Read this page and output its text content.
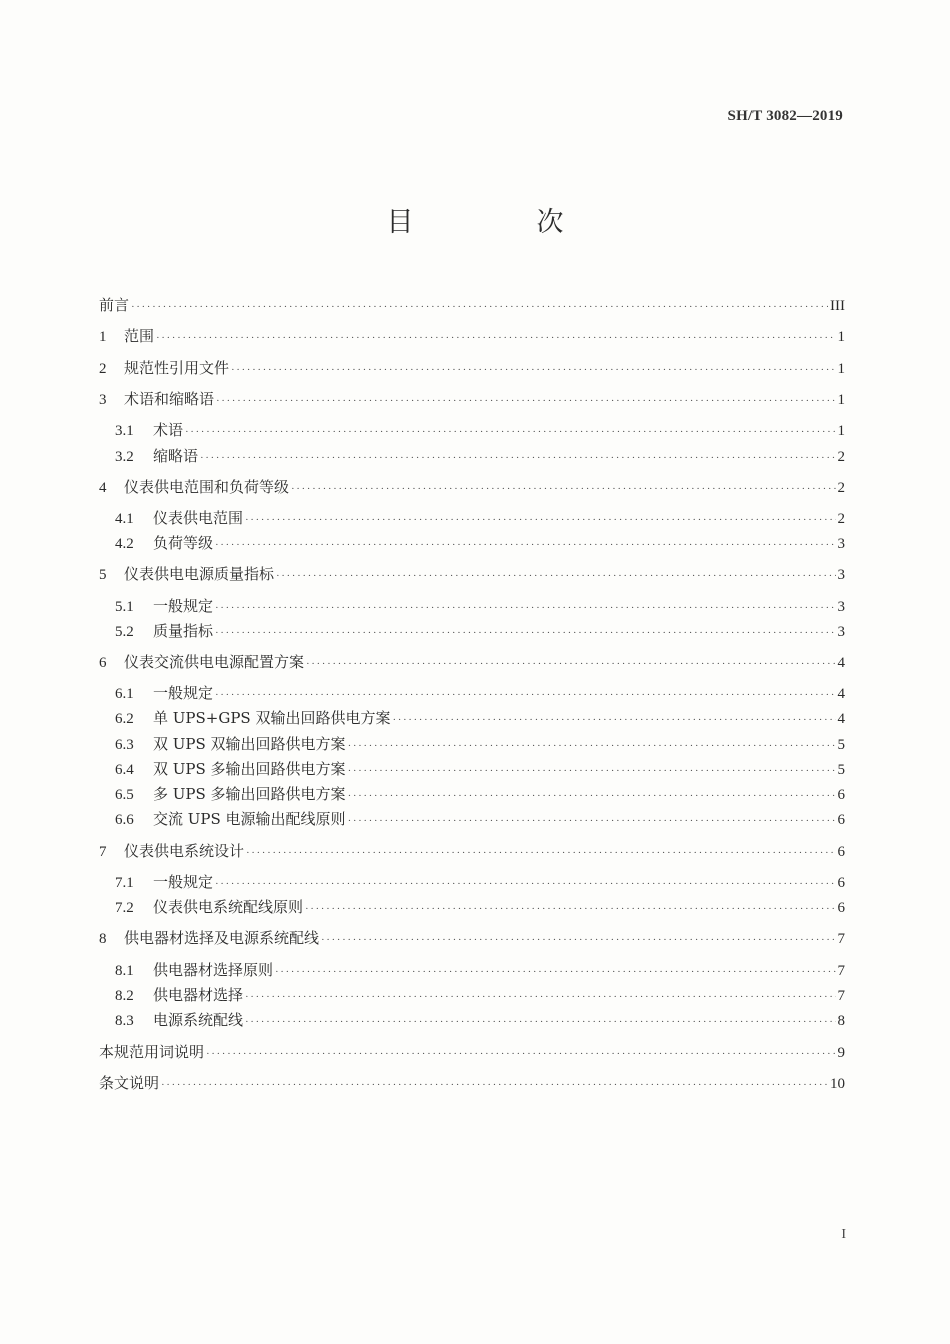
SH/T 3082—2019
目　次
前言 ·····	III
1	范围 ·····	1
2	规范性引用文件 ·····	1
3	术语和缩略语 ·····	1
3.1	术语 ·····	1
3.2	缩略语 ·····	2
4	仪表供电范围和负荷等级 ·····	2
4.1	仪表供电范围 ·····	2
4.2	负荷等级 ·····	3
5	仪表供电电源质量指标 ·····	3
5.1	一般规定 ·····	3
5.2	质量指标 ·····	3
6	仪表交流供电电源配置方案 ·····	4
6.1	一般规定 ·····	4
6.2	单 UPS+GPS 双输出回路供电方案 ·····	4
6.3	双 UPS 双输出回路供电方案 ·····	5
6.4	双 UPS 多输出回路供电方案 ·····	5
6.5	多 UPS 多输出回路供电方案 ·····	6
6.6	交流 UPS 电源输出配线原则 ·····	6
7	仪表供电系统设计 ·····	6
7.1	一般规定 ·····	6
7.2	仪表供电系统配线原则 ·····	6
8	供电器材选择及电源系统配线 ·····	7
8.1	供电器材选择原则 ·····	7
8.2	供电器材选择 ·····	7
8.3	电源系统配线 ·····	8
本规范用词说明 ·····	9
条文说明 ·····	10
I
